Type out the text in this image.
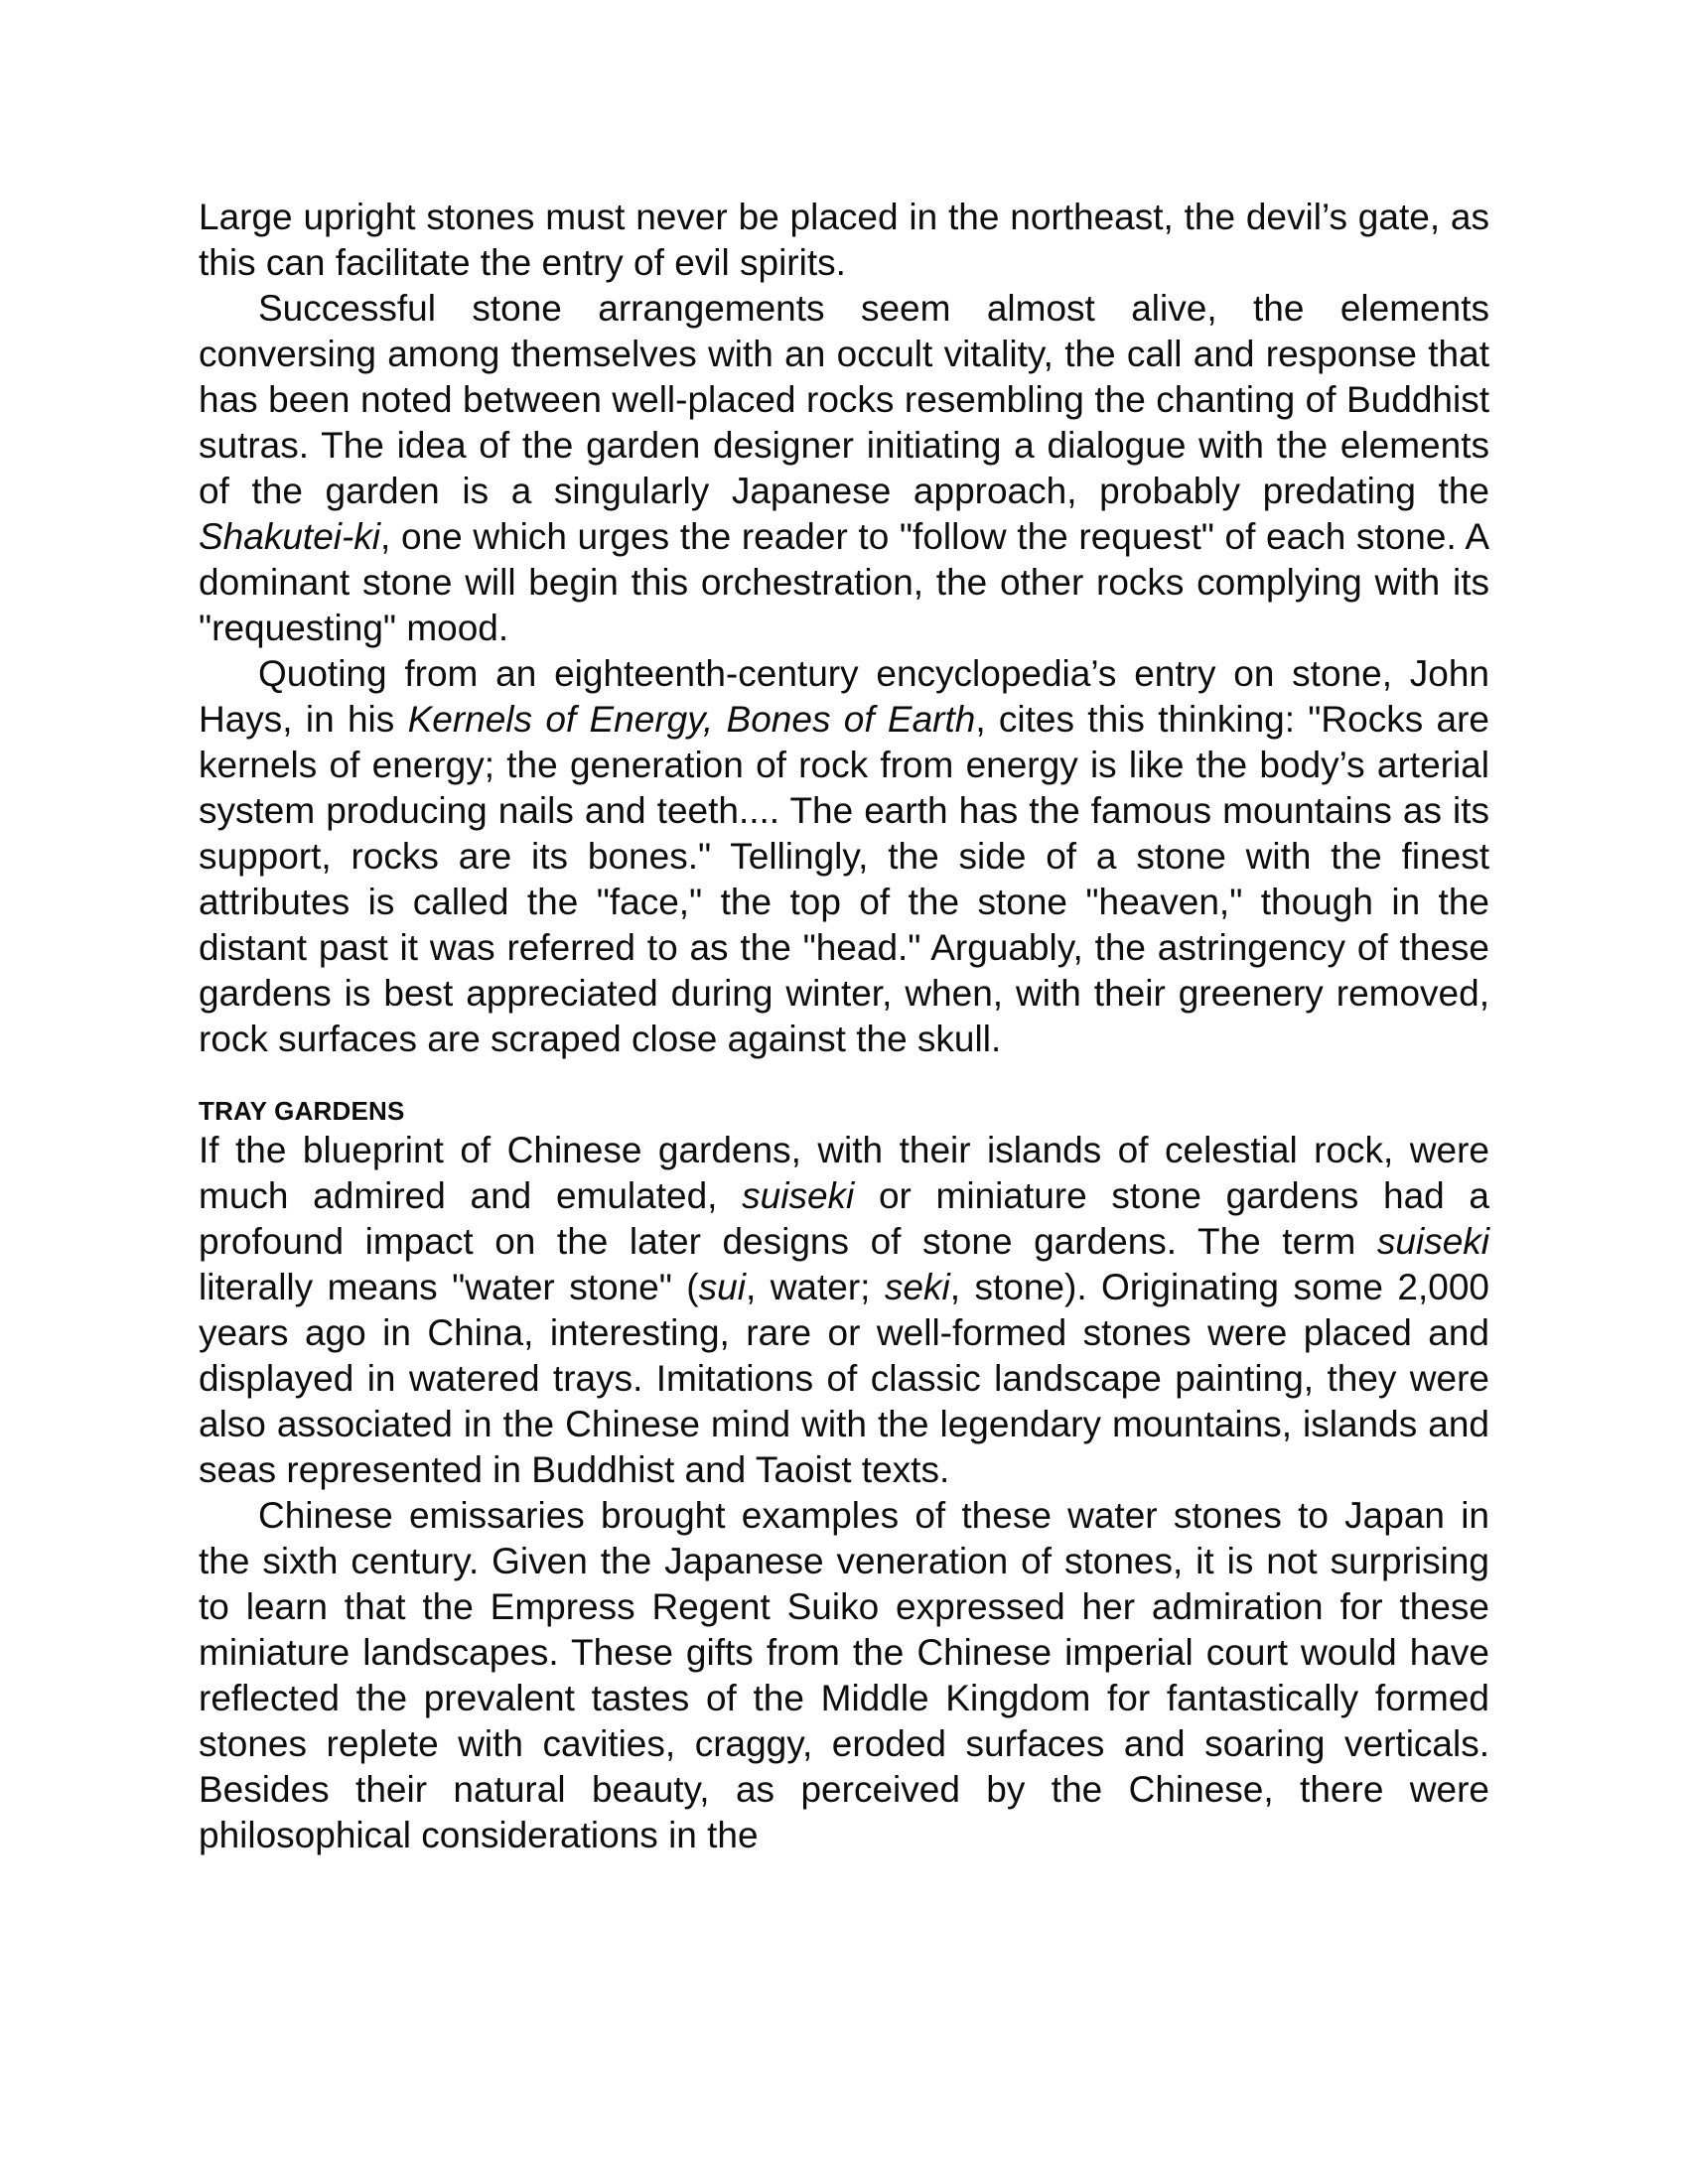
Large upright stones must never be placed in the northeast, the devil’s gate, as this can facilitate the entry of evil spirits.

Successful stone arrangements seem almost alive, the elements conversing among themselves with an occult vitality, the call and response that has been noted between well-placed rocks resembling the chanting of Buddhist sutras. The idea of the garden designer initiating a dialogue with the elements of the garden is a singularly Japanese approach, probably predating the Shakutei-ki, one which urges the reader to "follow the request" of each stone. A dominant stone will begin this orchestration, the other rocks complying with its "requesting" mood.

Quoting from an eighteenth-century encyclopedia’s entry on stone, John Hays, in his Kernels of Energy, Bones of Earth, cites this thinking: "Rocks are kernels of energy; the generation of rock from energy is like the body’s arterial system producing nails and teeth.... The earth has the famous mountains as its support, rocks are its bones." Tellingly, the side of a stone with the finest attributes is called the "face," the top of the stone "heaven," though in the distant past it was referred to as the "head." Arguably, the astringency of these gardens is best appreciated during winter, when, with their greenery removed, rock surfaces are scraped close against the skull.

TRAY GARDENS

If the blueprint of Chinese gardens, with their islands of celestial rock, were much admired and emulated, suiseki or miniature stone gardens had a profound impact on the later designs of stone gardens. The term suiseki literally means "water stone" (sui, water; seki, stone). Originating some 2,000 years ago in China, interesting, rare or well-formed stones were placed and displayed in watered trays. Imitations of classic landscape painting, they were also associated in the Chinese mind with the legendary mountains, islands and seas represented in Buddhist and Taoist texts.

Chinese emissaries brought examples of these water stones to Japan in the sixth century. Given the Japanese veneration of stones, it is not surprising to learn that the Empress Regent Suiko expressed her admiration for these miniature landscapes. These gifts from the Chinese imperial court would have reflected the prevalent tastes of the Middle Kingdom for fantastically formed stones replete with cavities, craggy, eroded surfaces and soaring verticals. Besides their natural beauty, as perceived by the Chinese, there were philosophical considerations in the
